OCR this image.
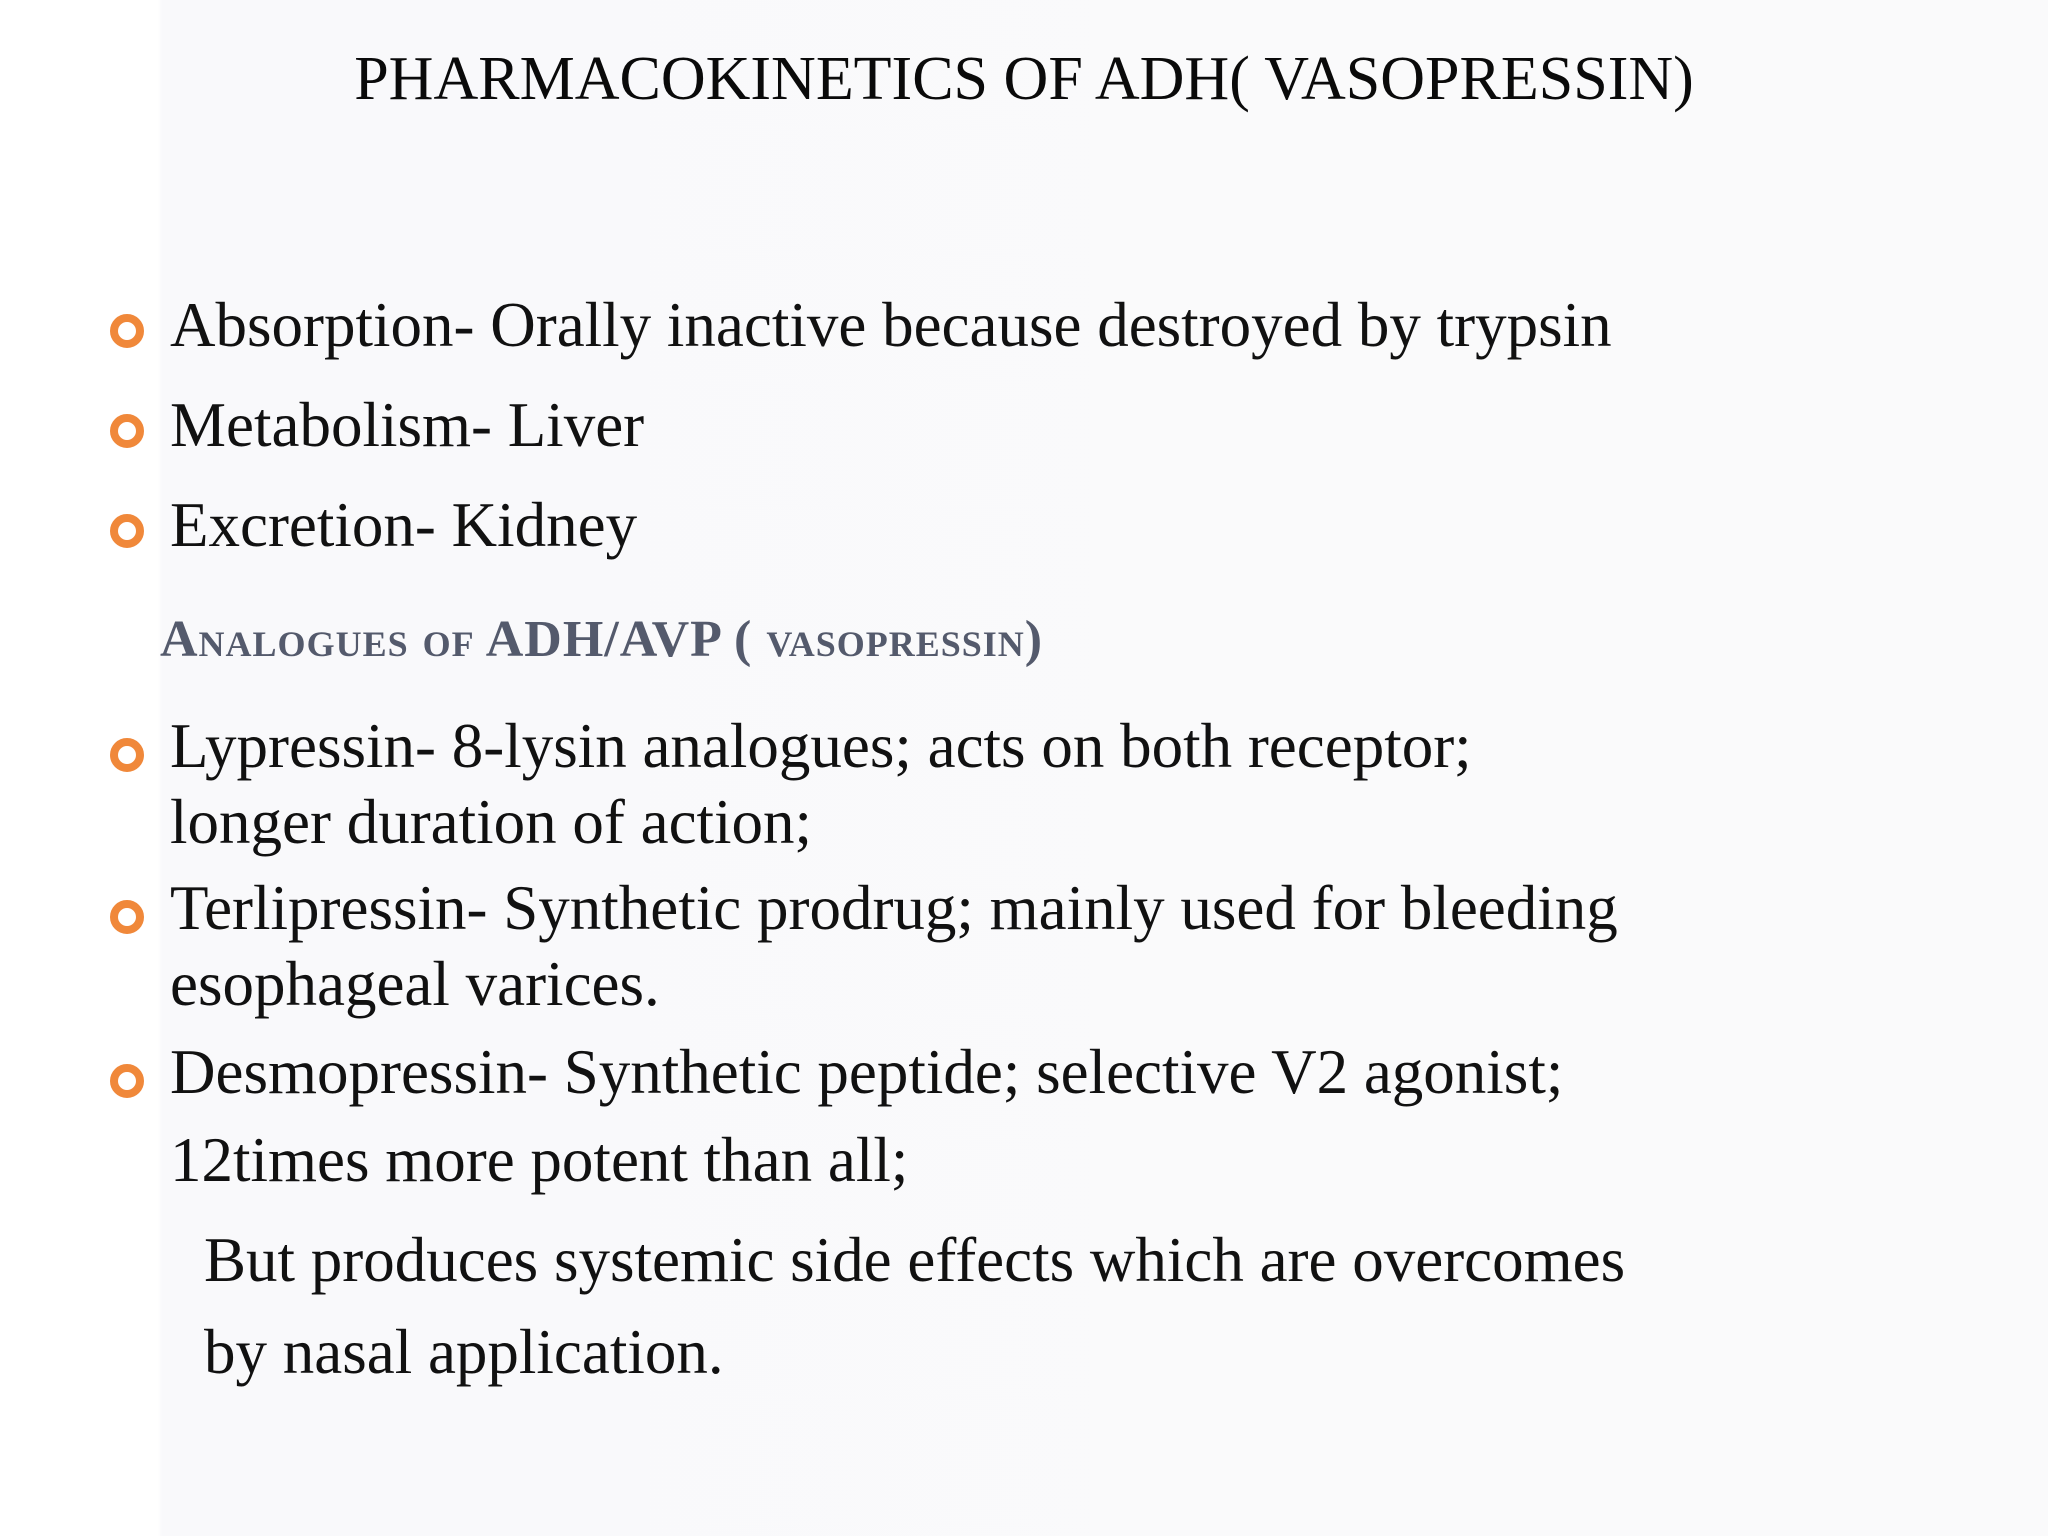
PHARMACOKINETICS OF ADH( VASOPRESSIN)
Absorption- Orally inactive because destroyed by trypsin
Metabolism- Liver
Excretion- Kidney
Analogues of ADH/AVP ( vasopressin)
Lypressin- 8-lysin analogues; acts on both receptor;
longer duration of action;
Terlipressin- Synthetic prodrug; mainly used for bleeding
esophageal varices.
Desmopressin- Synthetic peptide; selective V2 agonist;
12times more potent than all;
But produces systemic side effects which are overcomes
by nasal application.
